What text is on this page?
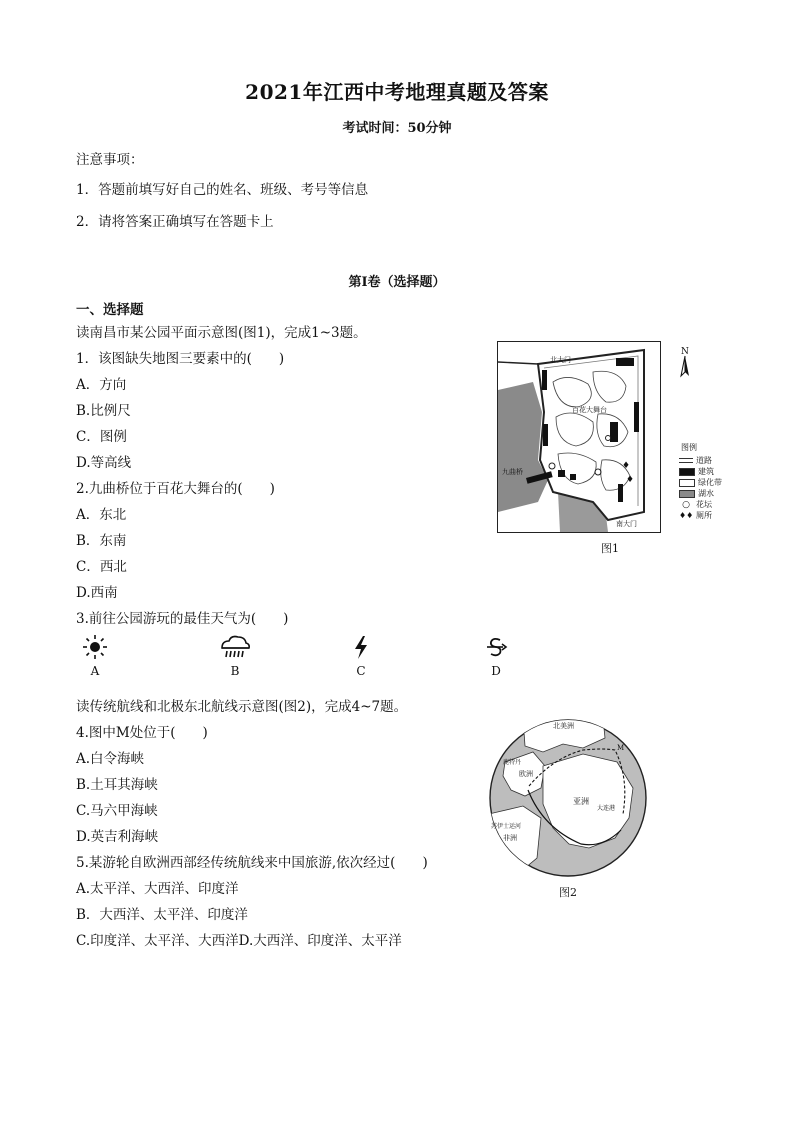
2021年江西中考地理真题及答案
考试时间：50分钟
注意事项：
1．答题前填写好自己的姓名、班级、考号等信息
2．请将答案正确填写在答题卡上
第Ⅰ卷（选择题）
一、选择题
读南昌市某公园平面示意图(图1)，完成1~3题。
1．该图缺失地图三要素中的(　　)
A．方向
B.比例尺
C．图例
D.等高线
2.九曲桥位于百花大舞台的(　　)
A．东北
B．东南
C．西北
D.西南
3.前往公园游玩的最佳天气为(　　)
A	B	C	D
读传统航线和北极东北航线示意图(图2)，完成4~7题。
4.图中M处位于(　　)
A.白令海峡
B.土耳其海峡
C.马六甲海峡
D.英吉利海峡
5.某游轮自欧洲西部经传统航线来中国旅游,依次经过(　　)
A.太平洋、大西洋、印度洋
B．大西洋、太平洋、印度洋
C.印度洋、太平洋、大西洋D.大西洋、印度洋、太平洋
♦
♦
北大门
百花大舞台
九曲桥
南大门
N
图例
道路
建筑
绿化带
湖水
○ 花坛
♦♦ 厕所
图1
北美洲
M
亚洲
欧洲
非洲
苏伊士运河
大连港
鹿特丹
图2
